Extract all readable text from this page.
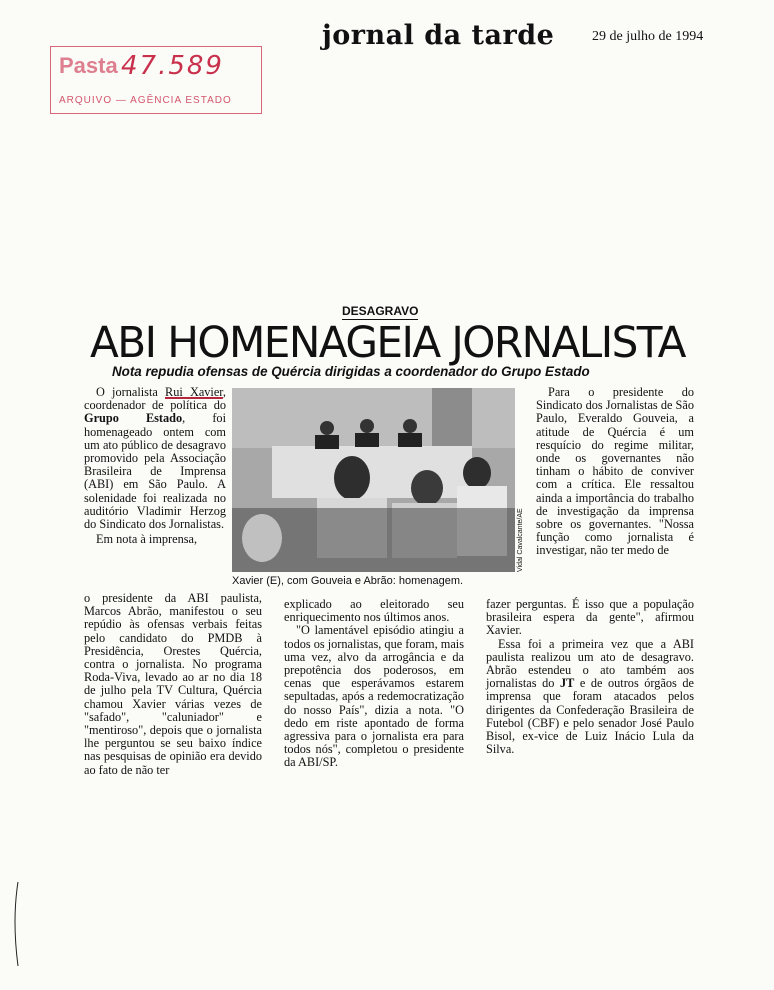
jornal da tarde	29 de julho de 1994
Pasta 47.589
ARQUIVO — AGÊNCIA ESTADO
DESAGRAVO
ABI HOMENAGEIA JORNALISTA
Nota repudia ofensas de Quércia dirigidas a coordenador do Grupo Estado

O jornalista Rui Xavier, coordenador de política do Grupo Estado, foi homenageado ontem com um ato público de desagravo promovido pela Associação Brasileira de Imprensa (ABI) em São Paulo. A solenidade foi realizada no auditório Vladimir Herzog do Sindicato dos Jornalistas.

Em nota à imprensa,	Vidal Cavalcante/AE
Xavier (E), com Gouveia e Abrão: homenagem.

o presidente da ABI paulista, Marcos Abrão, manifestou o seu repúdio às ofensas verbais feitas pelo candidato do PMDB à Presidência, Orestes Quércia, contra o jornalista. No programa Roda-Viva, levado ao ar no dia 18 de julho pela TV Cultura, Quércia chamou Xavier várias vezes de "safado", "caluniador" e "mentiroso", depois que o jornalista lhe perguntou se seu baixo índice nas pesquisas de opinião era devido ao fato de não ter

explicado ao eleitorado seu enriquecimento nos últimos anos.

"O lamentável episódio atingiu a todos os jornalistas, que foram, mais uma vez, alvo da arrogância e da prepotência dos poderosos, em cenas que esperávamos estarem sepultadas, após a redemocratização do nosso País", dizia a nota. "O dedo em riste apontado de forma agressiva para o jornalista era para todos nós", completou o presidente da ABI/SP.

Para o presidente do Sindicato dos Jornalistas de São Paulo, Everaldo Gouveia, a atitude de Quércia é um resquício do regime militar, onde os governantes não tinham o hábito de conviver com a crítica. Ele ressaltou ainda a importância do trabalho de investigação da imprensa sobre os governantes. "Nossa função como jornalista é investigar, não ter medo de

fazer perguntas. É isso que a população brasileira espera da gente", afirmou Xavier.

Essa foi a primeira vez que a ABI paulista realizou um ato de desagravo. Abrão estendeu o ato também aos jornalistas do JT e de outros órgãos de imprensa que foram atacados pelos dirigentes da Confederação Brasileira de Futebol (CBF) e pelo senador José Paulo Bisol, ex-vice de Luiz Inácio Lula da Silva.
